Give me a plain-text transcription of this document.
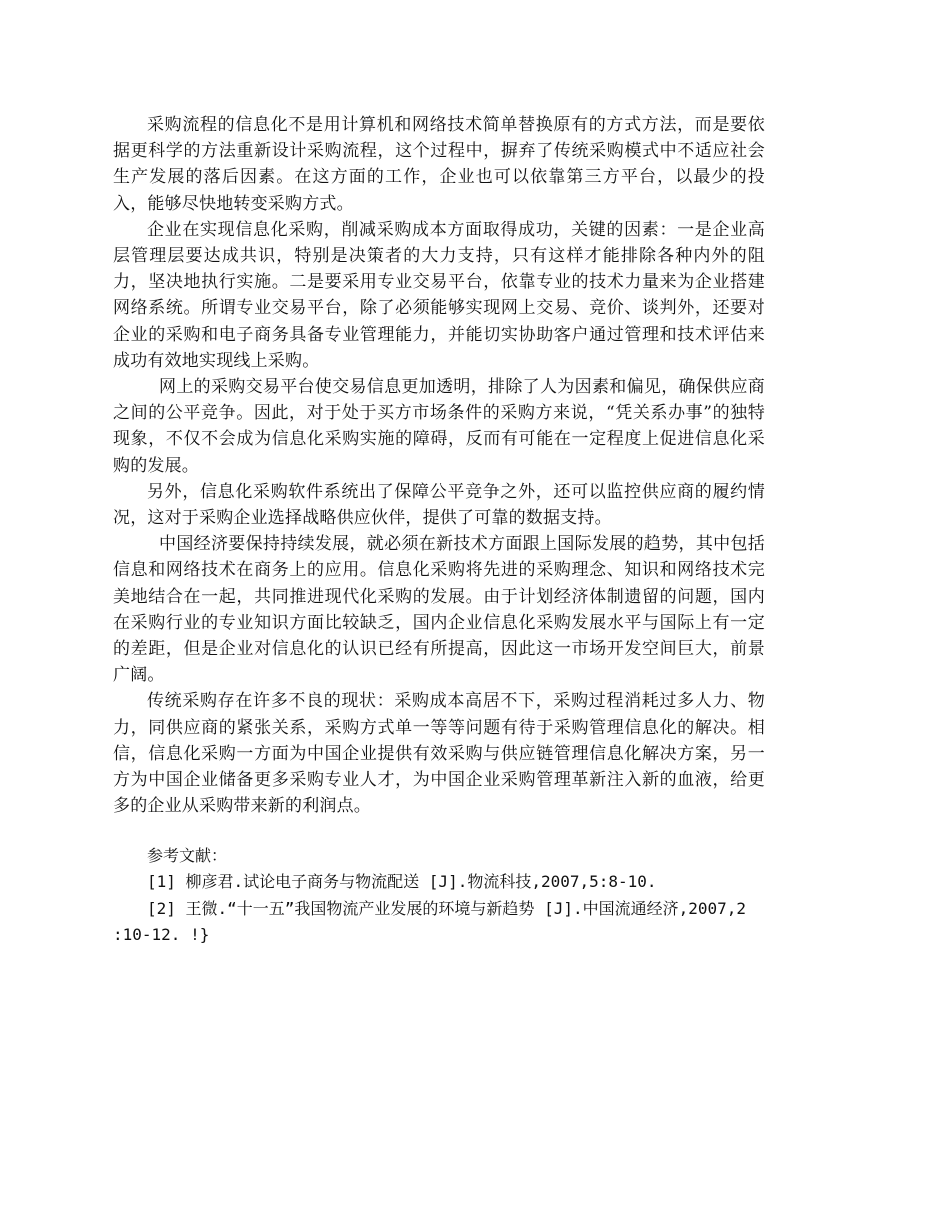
采购流程的信息化不是用计算机和网络技术简单替换原有的方式方法，而是要依据更科学的方法重新设计采购流程，这个过程中，摒弃了传统采购模式中不适应社会生产发展的落后因素。在这方面的工作，企业也可以依靠第三方平台，以最少的投入，能够尽快地转变采购方式。

企业在实现信息化采购，削减采购成本方面取得成功，关键的因素：一是企业高层管理层要达成共识，特别是决策者的大力支持，只有这样才能排除各种内外的阻力，坚决地执行实施。二是要采用专业交易平台，依靠专业的技术力量来为企业搭建网络系统。所谓专业交易平台，除了必须能够实现网上交易、竞价、谈判外，还要对企业的采购和电子商务具备专业管理能力，并能切实协助客户通过管理和技术评估来成功有效地实现线上采购。

网上的采购交易平台使交易信息更加透明，排除了人为因素和偏见，确保供应商之间的公平竞争。因此，对于处于买方市场条件的采购方来说，“凭关系办事”的独特现象，不仅不会成为信息化采购实施的障碍，反而有可能在一定程度上促进信息化采购的发展。

另外，信息化采购软件系统出了保障公平竞争之外，还可以监控供应商的履约情况，这对于采购企业选择战略供应伙伴，提供了可靠的数据支持。

中国经济要保持持续发展，就必须在新技术方面跟上国际发展的趋势，其中包括信息和网络技术在商务上的应用。信息化采购将先进的采购理念、知识和网络技术完美地结合在一起，共同推进现代化采购的发展。由于计划经济体制遗留的问题，国内在采购行业的专业知识方面比较缺乏，国内企业信息化采购发展水平与国际上有一定的差距，但是企业对信息化的认识已经有所提高，因此这一市场开发空间巨大，前景广阔。

传统采购存在许多不良的现状：采购成本高居不下，采购过程消耗过多人力、物力，同供应商的紧张关系，采购方式单一等等问题有待于采购管理信息化的解决。相信，信息化采购一方面为中国企业提供有效采购与供应链管理信息化解决方案，另一方为中国企业储备更多采购专业人才，为中国企业采购管理革新注入新的血液，给更多的企业从采购带来新的利润点。

参考文献：

[1] 柳彦君.试论电子商务与物流配送 [J].物流科技,2007,5:8-10.

[2] 王微.“十一五”我国物流产业发展的环境与新趋势 [J].中国流通经济,2007,2 :10-12. !}
